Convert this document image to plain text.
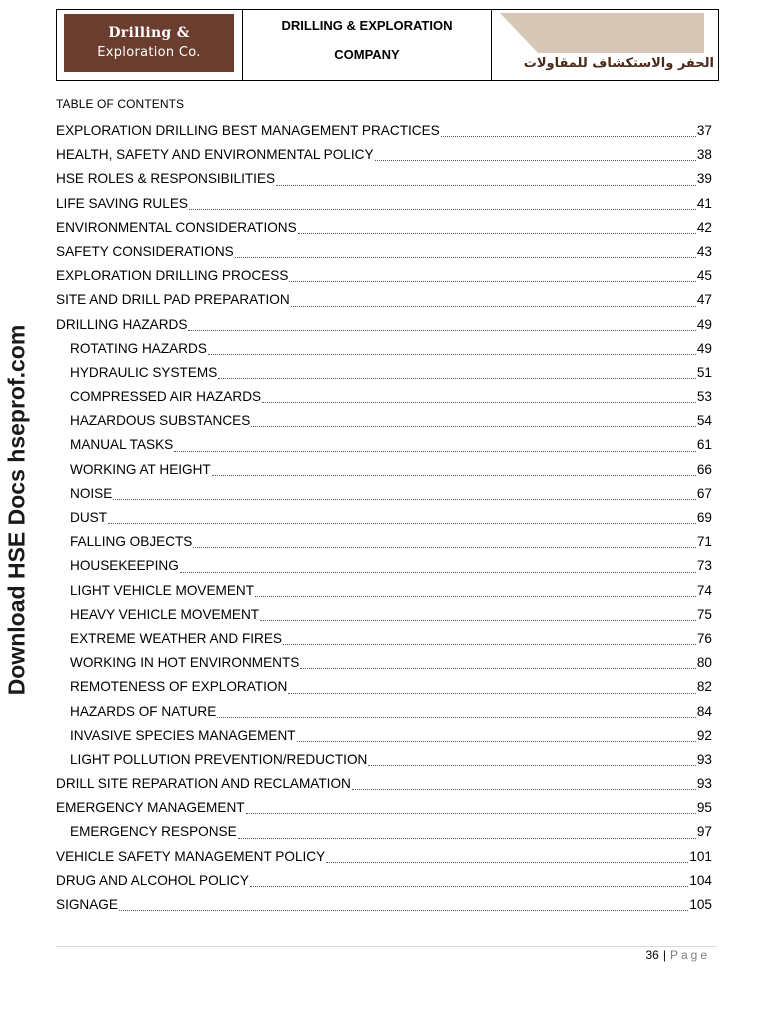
Download HSE Docs hseprof.com
Drilling &
Exploration Co.
DRILLING & EXPLORATION
COMPANY
الحفر والاستكشاف للمقاولات
TABLE OF CONTENTS
EXPLORATION DRILLING BEST MANAGEMENT PRACTICES	37
HEALTH, SAFETY AND ENVIRONMENTAL POLICY	38
HSE ROLES & RESPONSIBILITIES	39
LIFE SAVING RULES	41
ENVIRONMENTAL CONSIDERATIONS	42
SAFETY CONSIDERATIONS	43
EXPLORATION DRILLING PROCESS	45
SITE AND DRILL PAD PREPARATION	47
DRILLING HAZARDS	49
ROTATING HAZARDS	49
HYDRAULIC SYSTEMS	51
COMPRESSED AIR HAZARDS	53
HAZARDOUS SUBSTANCES	54
MANUAL TASKS	61
WORKING AT HEIGHT	66
NOISE	67
DUST	69
FALLING OBJECTS	71
HOUSEKEEPING	73
LIGHT VEHICLE MOVEMENT	74
HEAVY VEHICLE MOVEMENT	75
EXTREME WEATHER AND FIRES	76
WORKING IN HOT ENVIRONMENTS	80
REMOTENESS OF EXPLORATION	82
HAZARDS OF NATURE	84
INVASIVE SPECIES MANAGEMENT	92
LIGHT POLLUTION PREVENTION/REDUCTION	93
DRILL SITE REPARATION AND RECLAMATION	93
EMERGENCY MANAGEMENT	95
EMERGENCY RESPONSE	97
VEHICLE SAFETY MANAGEMENT POLICY	101
DRUG AND ALCOHOL POLICY	104
SIGNAGE	105
36 | Page
